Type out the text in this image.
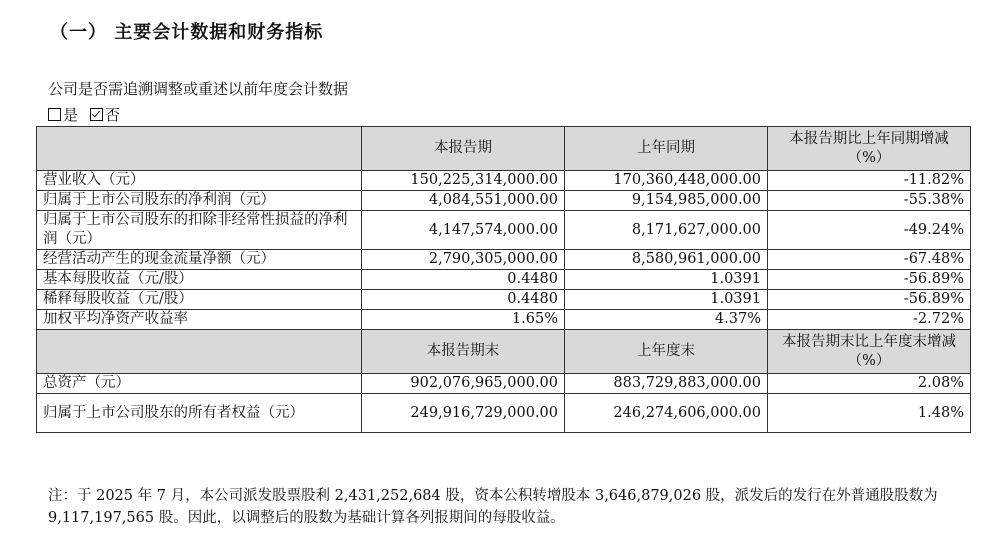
（一） 主要会计数据和财务指标
公司是否需追溯调整或重述以前年度会计数据
是 否
	本报告期	上年同期	本报告期比上年同期增减（%）
营业收入（元）	150,225,314,000.00	170,360,448,000.00	-11.82%
归属于上市公司股东的净利润（元）	4,084,551,000.00	9,154,985,000.00	-55.38%
归属于上市公司股东的扣除非经常性损益的净利润（元）	4,147,574,000.00	8,171,627,000.00	-49.24%
经营活动产生的现金流量净额（元）	2,790,305,000.00	8,580,961,000.00	-67.48%
基本每股收益（元/股）	0.4480	1.0391	-56.89%
稀释每股收益（元/股）	0.4480	1.0391	-56.89%
加权平均净资产收益率	1.65%	4.37%	-2.72%
	本报告期末	上年度末	本报告期末比上年度末增减（%）
总资产（元）	902,076,965,000.00	883,729,883,000.00	2.08%
归属于上市公司股东的所有者权益（元）	249,916,729,000.00	246,274,606,000.00	1.48%
注：于 2025 年 7 月，本公司派发股票股利 2,431,252,684 股，资本公积转增股本 3,646,879,026 股，派发后的发行在外普通股股数为 9,117,197,565 股。因此，以调整后的股数为基础计算各列报期间的每股收益。
